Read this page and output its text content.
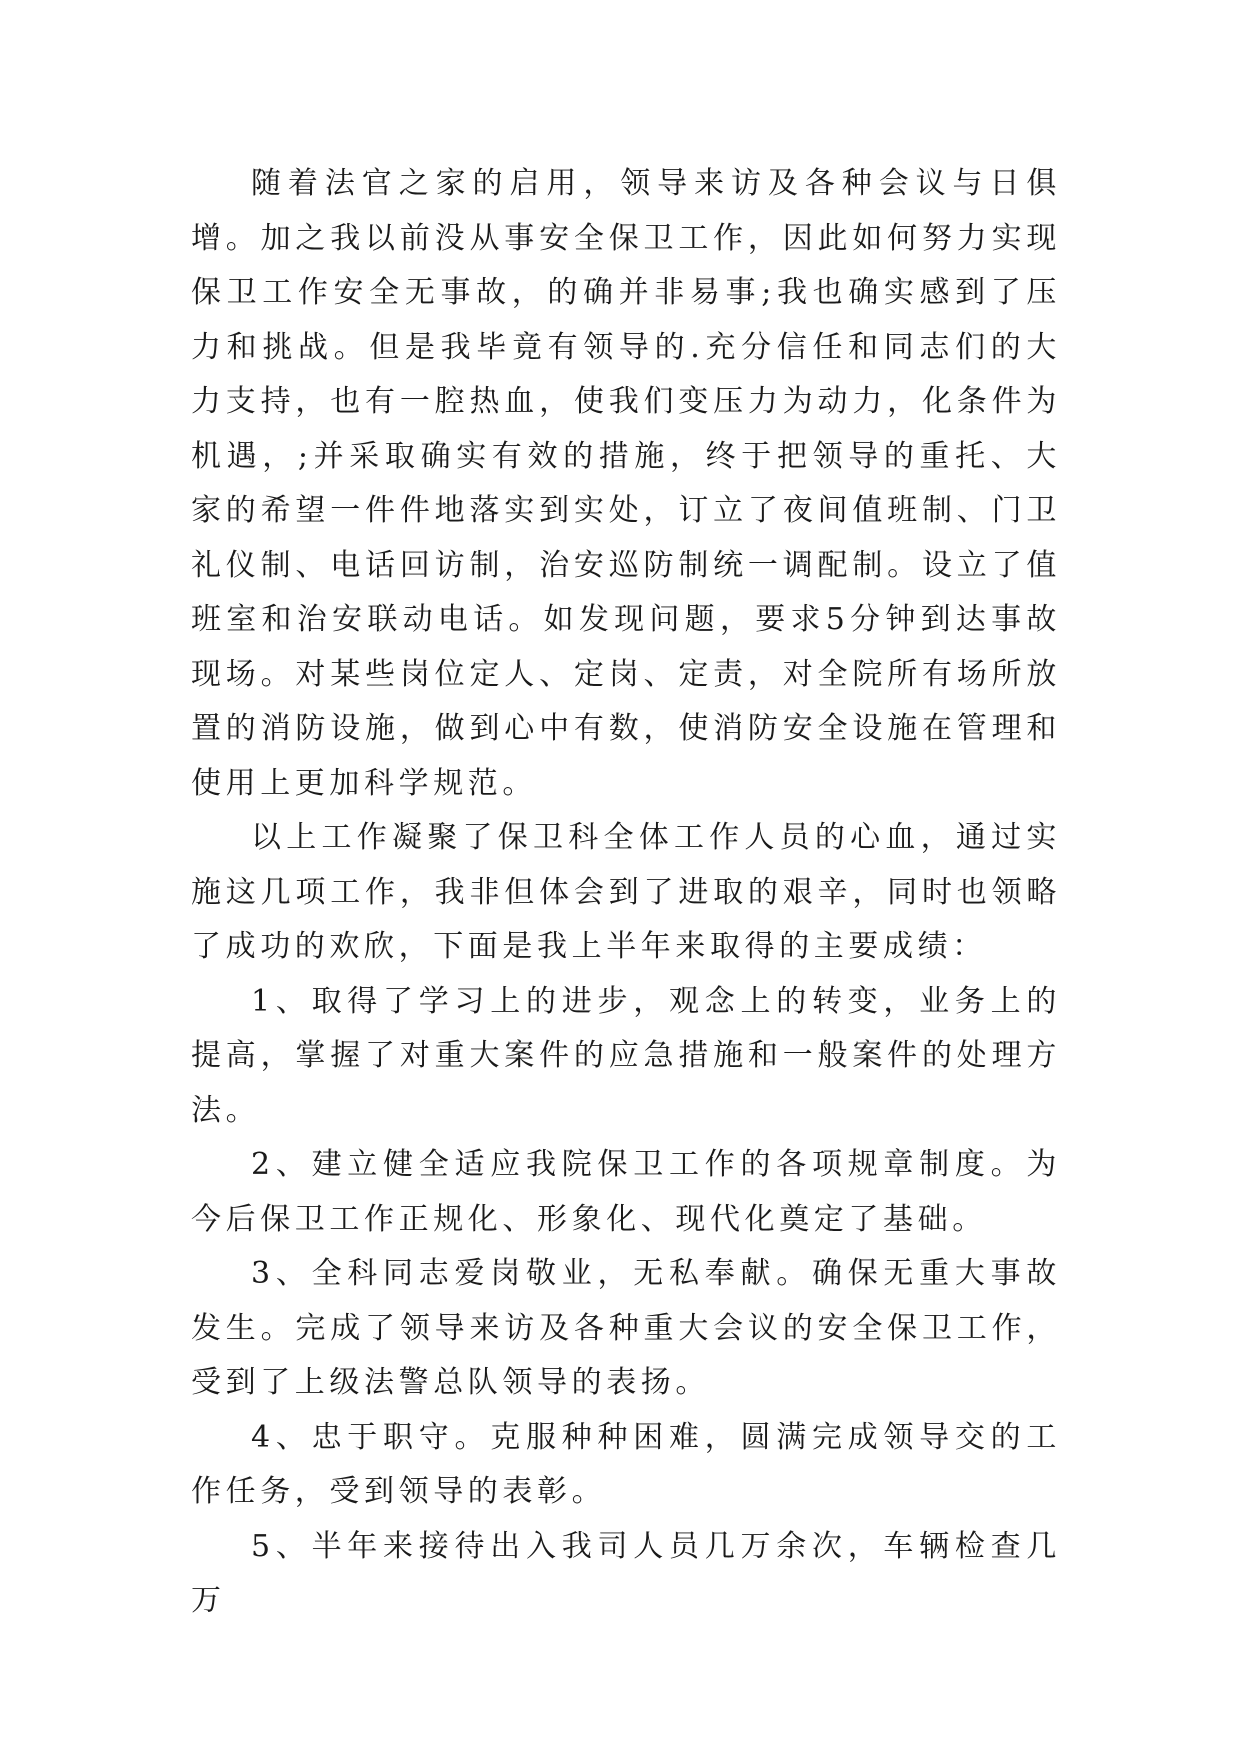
随着法官之家的启用，领导来访及各种会议与日俱增。加之我以前没从事安全保卫工作，因此如何努力实现保卫工作安全无事故，的确并非易事;我也确实感到了压力和挑战。但是我毕竟有领导的.充分信任和同志们的大力支持，也有一腔热血，使我们变压力为动力，化条件为机遇，;并采取确实有效的措施，终于把领导的重托、大家的希望一件件地落实到实处，订立了夜间值班制、门卫礼仪制、电话回访制，治安巡防制统一调配制。设立了值班室和治安联动电话。如发现问题，要求5分钟到达事故现场。对某些岗位定人、定岗、定责，对全院所有场所放置的消防设施，做到心中有数，使消防安全设施在管理和使用上更加科学规范。

以上工作凝聚了保卫科全体工作人员的心血，通过实施这几项工作，我非但体会到了进取的艰辛，同时也领略了成功的欢欣，下面是我上半年来取得的主要成绩：

1、取得了学习上的进步，观念上的转变，业务上的提高，掌握了对重大案件的应急措施和一般案件的处理方法。

2、建立健全适应我院保卫工作的各项规章制度。为今后保卫工作正规化、形象化、现代化奠定了基础。

3、全科同志爱岗敬业，无私奉献。确保无重大事故发生。完成了领导来访及各种重大会议的安全保卫工作，受到了上级法警总队领导的表扬。

4、忠于职守。克服种种困难，圆满完成领导交的工作任务，受到领导的表彰。

5、半年来接待出入我司人员几万余次，车辆检查几万
